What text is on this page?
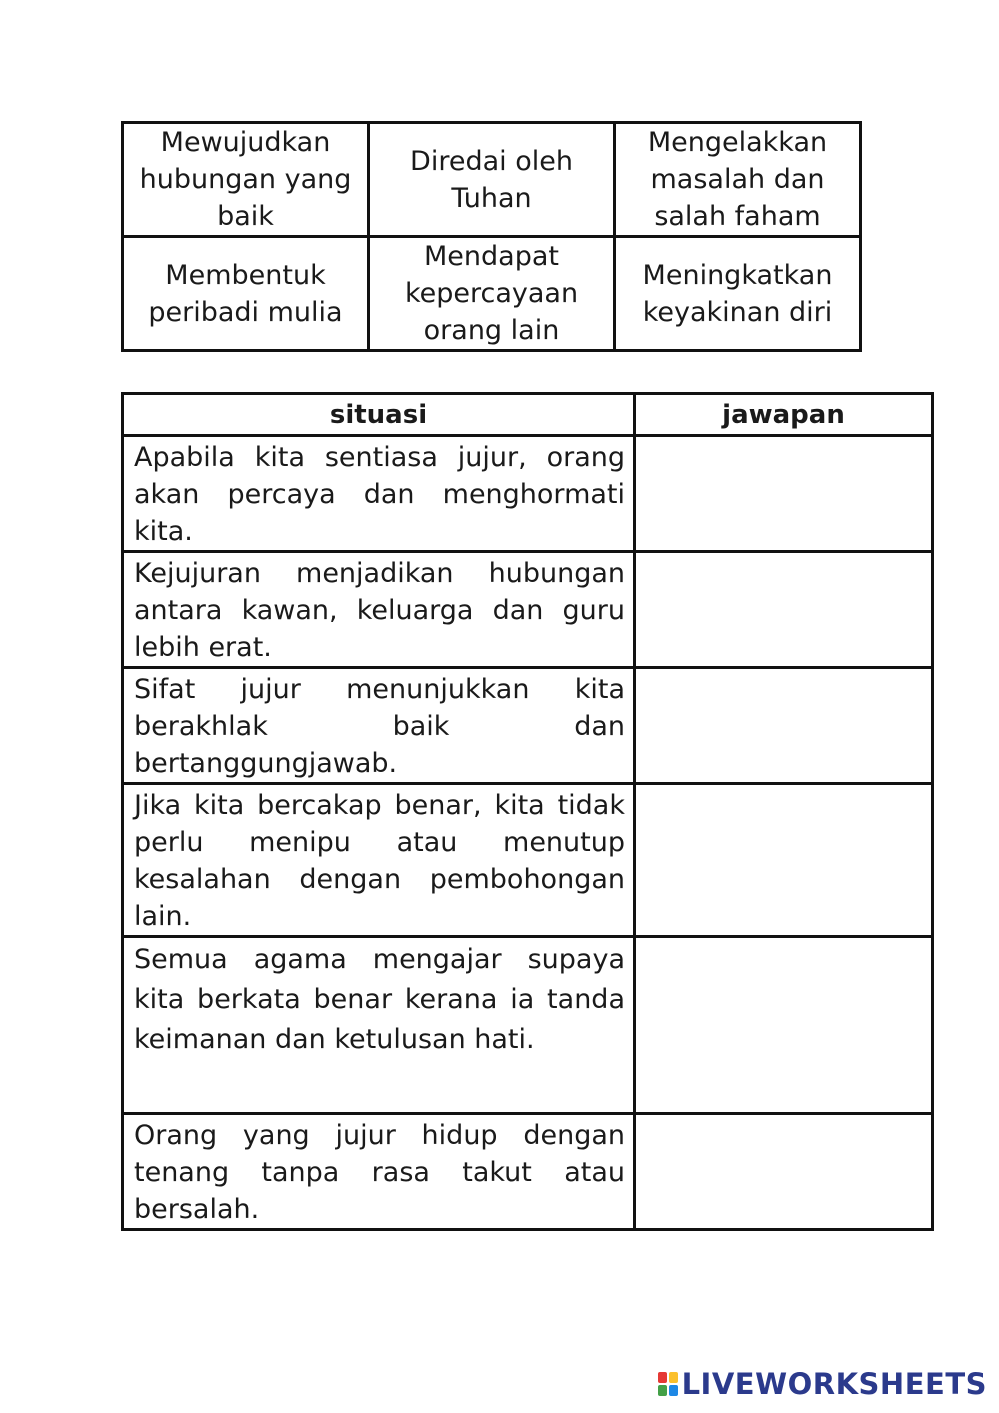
Mewujudkan hubungan yang baik	Diredai oleh Tuhan	Mengelakkan masalah dan salah faham
Membentuk peribadi mulia	Mendapat kepercayaan orang lain	Meningkatkan keyakinan diri
situasi	jawapan
Apabila kita sentiasa jujur, orang akan percaya dan menghormati kita.	
Kejujuran menjadikan hubungan antara kawan, keluarga dan guru lebih erat.	
Sifat jujur menunjukkan kita berakhlak baik dan bertanggungjawab.	
Jika kita bercakap benar, kita tidak perlu menipu atau menutup kesalahan dengan pembohongan lain.	
Semua agama mengajar supaya kita berkata benar kerana ia tanda keimanan dan ketulusan hati.	
Orang yang jujur hidup dengan tenang tanpa rasa takut atau bersalah.	
LIVEWORKSHEETS
